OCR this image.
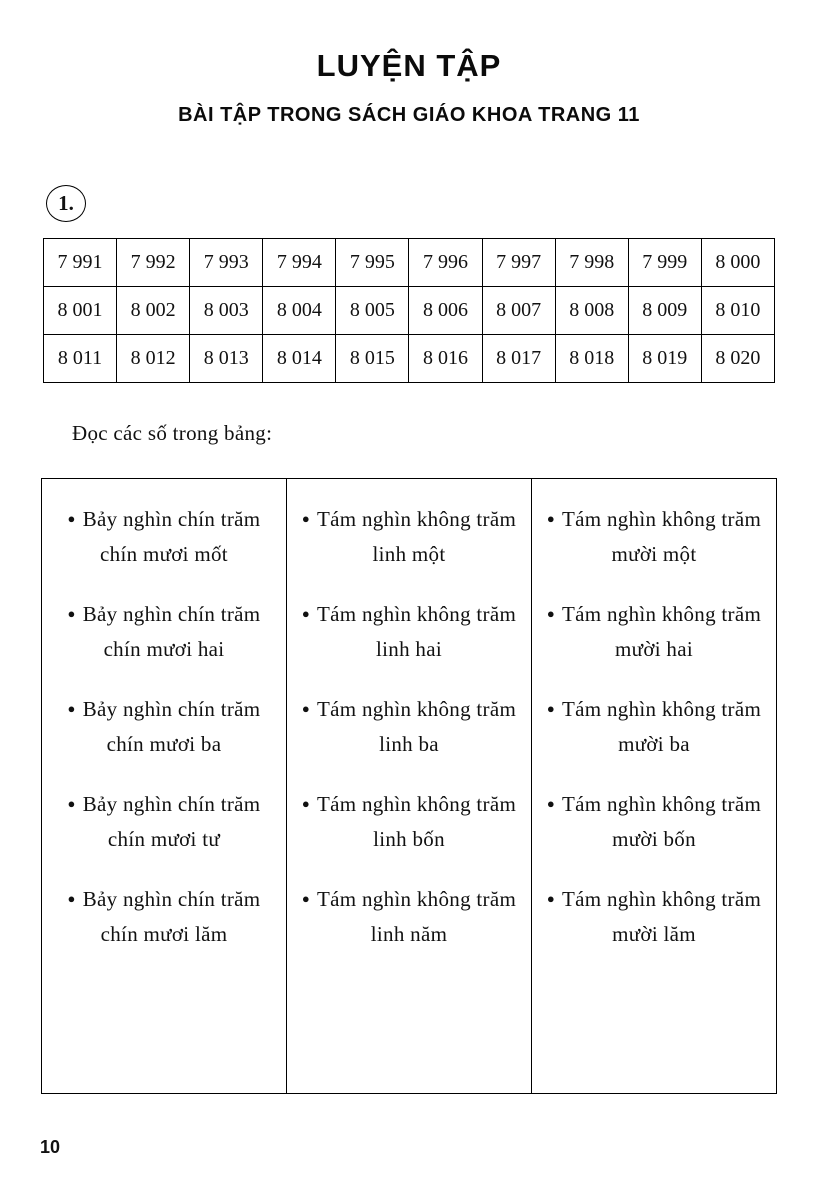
LUYỆN TẬP
BÀI TẬP TRONG SÁCH GIÁO KHOA TRANG 11
1.
7 991	7 992	7 993	7 994	7 995	7 996	7 997	7 998	7 999	8 000
8 001	8 002	8 003	8 004	8 005	8 006	8 007	8 008	8 009	8 010
8 011	8 012	8 013	8 014	8 015	8 016	8 017	8 018	8 019	8 020
Đọc các số trong bảng:
● Bảy nghìn chín trăm chín mươi mốt
● Bảy nghìn chín trăm chín mươi hai
● Bảy nghìn chín trăm chín mươi ba
● Bảy nghìn chín trăm chín mươi tư
● Bảy nghìn chín trăm chín mươi lăm
● Tám nghìn không trăm linh một
● Tám nghìn không trăm linh hai
● Tám nghìn không trăm linh ba
● Tám nghìn không trăm linh bốn
● Tám nghìn không trăm linh năm
● Tám nghìn không trăm mười một
● Tám nghìn không trăm mười hai
● Tám nghìn không trăm mười ba
● Tám nghìn không trăm mười bốn
● Tám nghìn không trăm mười lăm
10
